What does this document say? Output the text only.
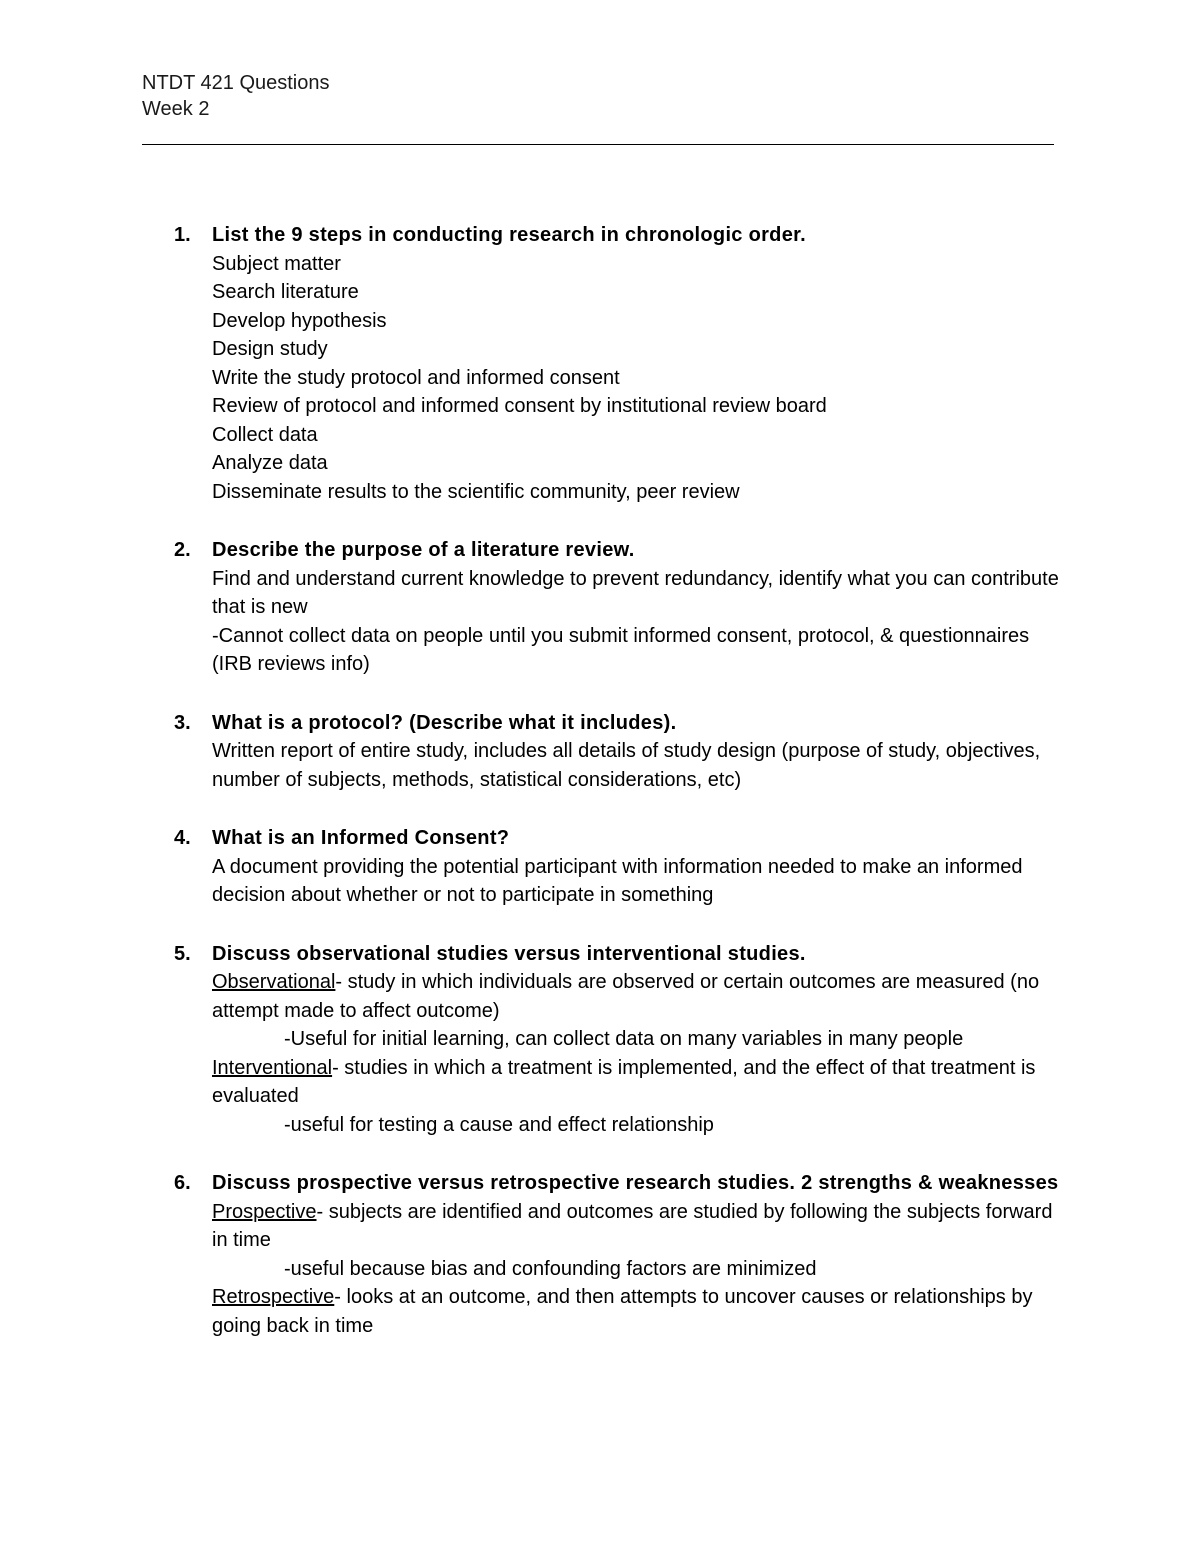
NTDT 421 Questions
Week 2
1. List the 9 steps in conducting research in chronologic order.
Subject matter
Search literature
Develop hypothesis
Design study
Write the study protocol and informed consent
Review of protocol and informed consent by institutional review board
Collect data
Analyze data
Disseminate results to the scientific community, peer review
2. Describe the purpose of a literature review.
Find and understand current knowledge to prevent redundancy, identify what you can contribute that is new
-Cannot collect data on people until you submit informed consent, protocol, & questionnaires (IRB reviews info)
3. What is a protocol? (Describe what it includes).
Written report of entire study, includes all details of study design (purpose of study, objectives, number of subjects, methods, statistical considerations, etc)
4. What is an Informed Consent?
A document providing the potential participant with information needed to make an informed decision about whether or not to participate in something
5. Discuss observational studies versus interventional studies.
Observational- study in which individuals are observed or certain outcomes are measured (no attempt made to affect outcome)
-Useful for initial learning, can collect data on many variables in many people
Interventional- studies in which a treatment is implemented, and the effect of that treatment is evaluated
-useful for testing a cause and effect relationship
6. Discuss prospective versus retrospective research studies. 2 strengths & weaknesses
Prospective- subjects are identified and outcomes are studied by following the subjects forward in time
-useful because bias and confounding factors are minimized
Retrospective- looks at an outcome, and then attempts to uncover causes or relationships by going back in time
